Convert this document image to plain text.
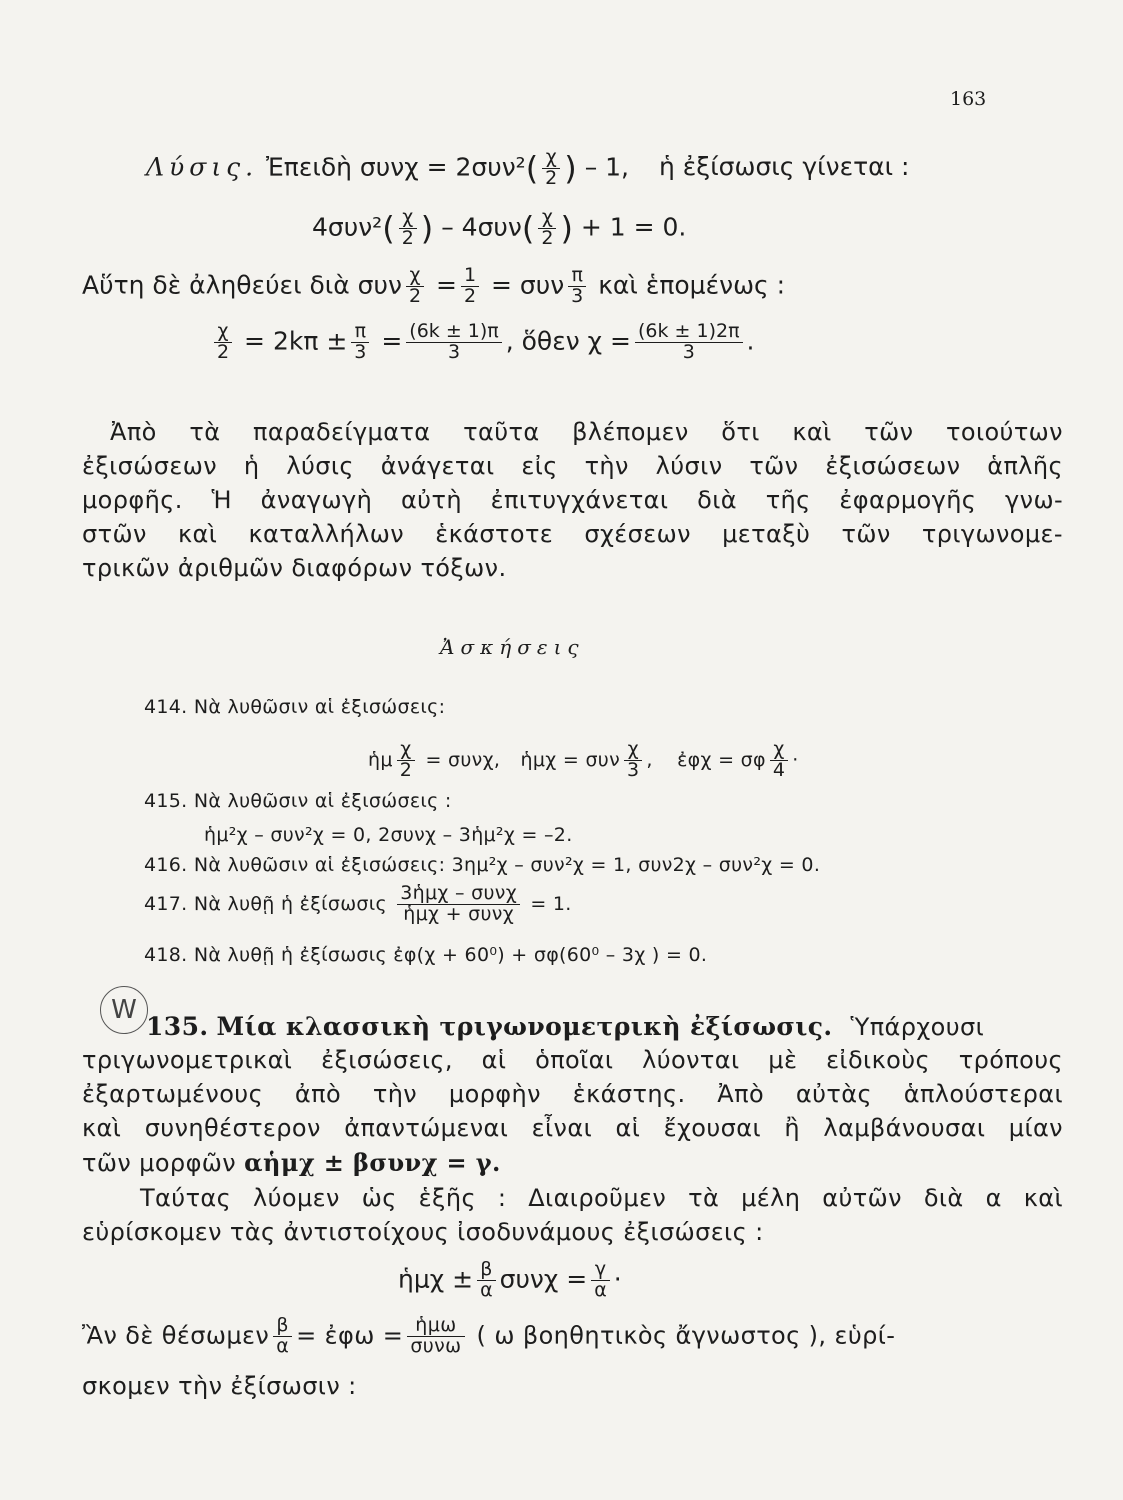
163
Λύσις. Ἐπειδὴ $\sigma\upsilon\nu\chi = 2\sigma\upsilon\nu^2( \frac{\chi}{2}$ ) – 1, ἡ ἐξίσωσις γίνεται :
$4\sigma\upsilon\nu^2( \frac{\chi}{2}$ ) – $4\sigma\upsilon\nu( \frac{\chi}{2}$ ) + 1 = 0.
Αὕτη δὲ ἀληθεύει διὰ συν $\frac{\chi}{2} = \frac{1}{2} = \sigma\upsilon\nu \frac{\pi}{3}$ καὶ ἑπομένως :
$\frac{\chi}{2} = 2k\pi \pm \frac{\pi}{3} = \frac{(6k \pm 1)\pi}{3}$ , ὅθεν $\chi = \frac{(6k \pm 1)2\pi}{3}$ .
Ἀπὸ τὰ παραδείγματα ταῦτα βλέπομεν ὅτι καὶ τῶν τοιούτων
ἐξισώσεων ἡ λύσις ἀνάγεται εἰς τὴν λύσιν τῶν ἐξισώσεων ἁπλῆς
μορφῆς. Ἡ ἀναγωγὴ αὐτὴ ἐπιτυγχάνεται διὰ τῆς ἐφαρμογῆς γνω-
στῶν καὶ καταλλήλων ἑκάστοτε σχέσεων μεταξὺ τῶν τριγωνομε-
τρικῶν ἀριθμῶν διαφόρων τόξων.
Ἀσκήσεις
414. Νὰ λυθῶσιν αἱ ἐξισώσεις:
ἡμ $\frac{\chi}{2} = \sigma\upsilon\nu\chi$, ἡμχ = συν $\frac{\chi}{3}$ , ἐφχ = σφ $\frac{\chi}{4}$ ·
415. Νὰ λυθῶσιν αἱ ἐξισώσεις :
ἡμ²χ – συν²χ = 0, 2συνχ – 3ἡμ²χ = –2.
416. Νὰ λυθῶσιν αἱ ἐξισώσεις: 3ημ²χ – συν²χ = 1, συν2χ – συν²χ = 0.
417. Νὰ λυθῇ ἡ ἐξίσωσις $\frac{\text{3ἡμχ – συνχ}}{\text{ἡμχ + συνχ}} = 1$.
418. Νὰ λυθῇ ἡ ἐξίσωσις ἐφ(χ + 60⁰) + σφ(60⁰ – 3χ ) = 0.
W
135. Μία κλασσικὴ τριγωνομετρικὴ ἐξίσωσις. Ὑπάρχουσι
τριγωνομετρικαὶ ἐξισώσεις, αἱ ὁποῖαι λύονται μὲ εἰδικοὺς τρόπους
ἐξαρτωμένους ἀπὸ τὴν μορφὴν ἑκάστης. Ἀπὸ αὐτὰς ἁπλούστεραι
καὶ συνηθέστερον ἀπαντώμεναι εἶναι αἱ ἔχουσαι ἢ λαμβάνουσαι μίαν
τῶν μορφῶν αἡμχ ± βσυνχ = γ.
Ταύτας λύομεν ὡς ἑξῆς : Διαιροῦμεν τὰ μέλη αὐτῶν διὰ α καὶ
εὑρίσκομεν τὰς ἀντιστοίχους ἰσοδυνάμους ἐξισώσεις :
ἡμχ ± $\frac{\beta}{\alpha}$ $\sigma\upsilon\nu\chi = \frac{\gamma}{\alpha}$ ·
Ἂν δὲ θέσωμεν $\frac{\beta}{\alpha}$ = ἐφω = $\frac{\text{ἡμω}}{\text{συνω}}$ ( ω βοηθητικὸς ἄγνωστος ), εὑρί-
σκομεν τὴν ἐξίσωσιν :
